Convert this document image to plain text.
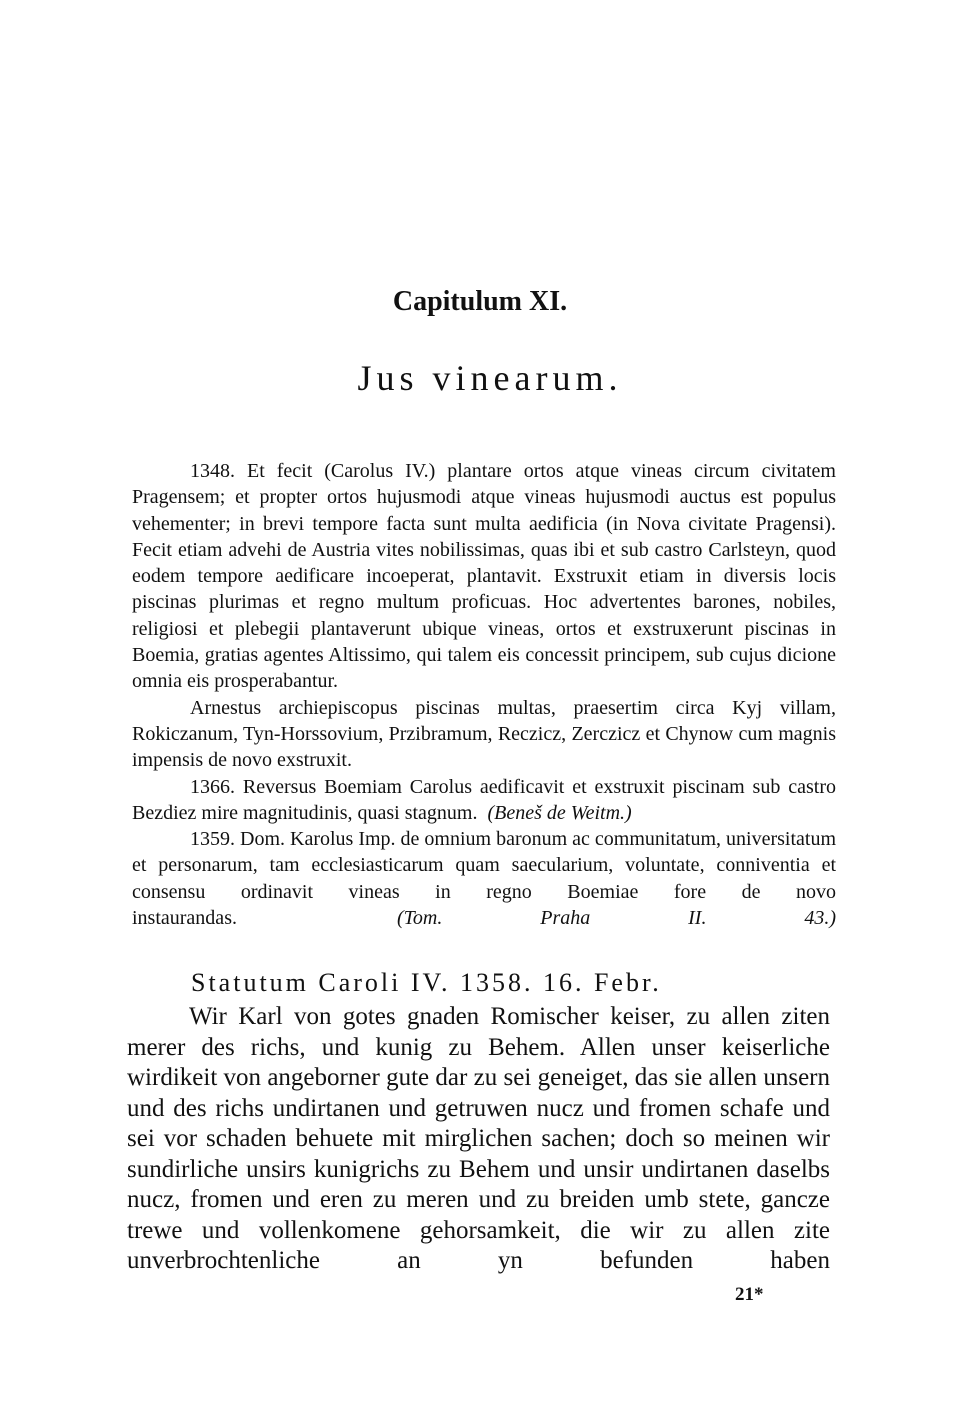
Capitulum XI.
Jus vinearum.

1348. Et fecit (Carolus IV.) plantare ortos atque vineas circum civitatem Pragensem; et propter ortos hujusmodi atque vineas hujusmodi auctus est populus vehementer; in brevi tempore facta sunt multa aedificia (in Nova civitate Pragensi). Fecit etiam advehi de Austria vites nobilissimas, quas ibi et sub castro Carlsteyn, quod eodem tempore aedificare incoeperat, plantavit. Exstruxit etiam in diversis locis piscinas plurimas et regno multum proficuas. Hoc advertentes barones, nobiles, religiosi et plebegii plantaverunt ubique vineas, ortos et exstruxerunt piscinas in Boemia, gratias agentes Altissimo, qui talem eis concessit principem, sub cujus dicione omnia eis prosperabantur.

Arnestus archiepiscopus piscinas multas, praesertim circa Kyj villam, Rokiczanum, Tyn-Horssovium, Przibramum, Reczicz, Zerczicz et Chynow cum magnis impensis de novo exstruxit.

1366. Reversus Boemiam Carolus aedificavit et exstruxit piscinam sub castro Bezdiez mire magnitudinis, quasi stagnum.  (Beneš de Weitm.)

1359. Dom. Karolus Imp. de omnium baronum ac communitatum, universitatum et personarum, tam ecclesiasticarum quam saecularium, voluntate, conniventia et consensu ordinavit vineas in regno Boemiae fore de novo instaurandas.        	(Tom. Praha II. 43.)

Statutum Caroli IV. 1358. 16. Febr.

Wir Karl von gotes gnaden Romischer keiser, zu allen ziten merer des richs, und kunig zu Behem. Allen unser keiserliche wirdikeit von angeborner gute dar zu sei geneiget, das sie allen unsern und des richs undirtanen und getruwen nucz und fromen schafe und sei vor schaden behuete mit mirglichen sachen; doch so meinen wir sundirliche unsirs kunigrichs zu Behem und unsir undirtanen daselbs nucz, fromen und eren zu meren und zu breiden umb stete, gancze trewe und vollenkomene gehorsamkeit, die wir zu allen zite unverbrochtenliche an yn befunden haben

21*
